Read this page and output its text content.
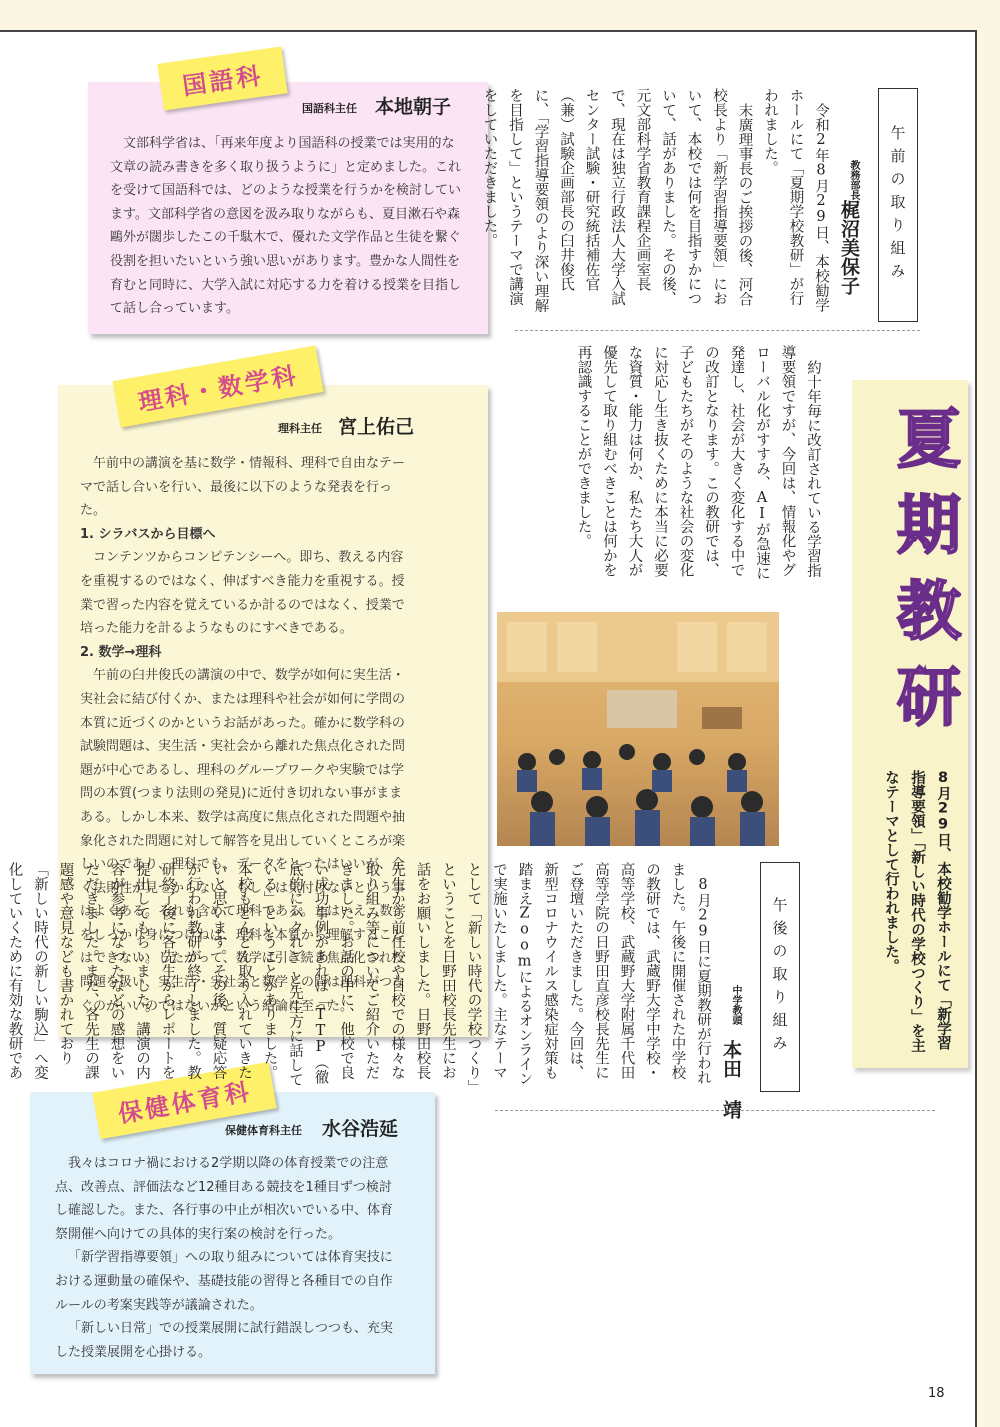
国語科
国語科主任 本地朝子

文部科学省は、「再来年度より国語科の授業では実用的な文章の読み書きを多く取り扱うように」と定めました。これを受けて国語科では、どのような授業を行うかを検討しています。文部科学省の意図を汲み取りながらも、夏目漱石や森鷗外が闊歩したこの千駄木で、優れた文学作品と生徒を繋ぐ役割を担いたいという強い思いがあります。豊かな人間性を育むと同時に、大学入試に対応する力を着ける授業を目指して話し合っています。

理科・数学科
理科主任 宮上佑己

午前中の講演を基に数学・情報科、理科で自由なテーマで話し合いを行い、最後に以下のような発表を行った。

1. シラバスから目標へ

コンテンツからコンピテンシーへ。即ち、教える内容を重視するのではなく、伸ばすべき能力を重視する。授業で習った内容を覚えているか計るのではなく、授業で培った能力を計るようなものにすべきである。

2. 数学→理科

午前の臼井俊氏の講演の中で、数学が如何に実生活・実社会に結び付くか、または理科や社会が如何に学問の本質に近づくのかというお話があった。確かに数学科の試験問題は、実生活・実社会から離れた焦点化された問題が中心であるし、理科のグループワークや実験では学問の本質(つまり法則の発見)に近付き切れない事がままある。しかし本来、数学は高度に焦点化された問題や抽象化された問題に対して解答を見出していくところが楽しいのであり、理科でも、データをとったはいいが、全く法則性が見つからない、もしくは気付けないという事はよくある。それも含めて理科である。とはいえ、数学をしっかり身につけねば、理科を本質から理解することはできない。したがって、数学は引き続き焦点化された問題を扱い、実生活・実社会と数学との間は理科がつなぐのがいいのではないかという結論に至った。

保健体育科
保健体育科主任 水谷浩延

我々はコロナ禍における2学期以降の体育授業での注意点、改善点、評価法など12種目ある競技を1種目ずつ検討し確認した。また、各行事の中止が相次いでいる中、体育祭開催へ向けての具体的実行案の検討を行った。

「新学習指導要領」への取り組みについては体育実技における運動量の確保や、基礎技能の習得と各種目での自作ルールの考案実践等が議論された。

「新しい日常」での授業展開に試行錯誤しつつも、充実した授業展開を心掛ける。

午前の取り組み
教務部長
梶沼美保子

令和2年8月29日、本校勧学ホールにて「夏期学校教研」が行われました。

末廣理事長のご挨拶の後、河合校長より「新学習指導要領」において、本校では何を目指すかについて、話がありました。その後、元文部科学省教育課程企画室長で、現在は独立行政法人大学入試センター試験・研究統括補佐官（兼）試験企画部長の臼井俊氏に、「学習指導要領のより深い理解を目指して」というテーマで講演をしていただきました。

約十年毎に改訂されている学習指導要領ですが、今回は、情報化やグローバル化がすすみ、AIが急速に発達し、社会が大きく変化する中での改訂となります。この教研では、子どもたちがそのような社会の変化に対応し生き抜くために本当に必要な資質・能力は何か、私たち大人が優先して取り組むべきことは何かを再認識することができました。

午後の取り組み
中学教頭
本田 靖

8月29日に夏期教研が行われました。午後に開催された中学校の教研では、武蔵野大学中学校・高等学校、武蔵野大学附属千代田高等学院の日野田直彦校長先生にご登壇いただきました。今回は、新型コロナウイルス感染症対策も踏まえZoomによるオンラインで実施いたしました。主なテーマとして「新しい時代の学校つくり」ということを日野田校長先生にお話をお願いしました。日野田校長先生から前任校や自校での様々な取り組み等についてご紹介いただきました。お話の中に、他校で良い成功事例があれば「TTP（徹底的にパクれ）」と先生方に話している」ということがありました。本校もどんどん取り入れていきたいと思います。その後、質疑応答が行われ教研が終了しました。教研終了後に各先生からレポートを提出してもらいました。講演の内容が参考になったなどの感想をいただきました。また、各先生の課題感や意見なども書かれており「新しい時代の新しい駒込」へ変化していくために有効な教研であ

夏期教研
8月29日、本校勧学ホールにて「新学習指導要領」「新しい時代の学校つくり」を主なテーマとして行われました。
18
